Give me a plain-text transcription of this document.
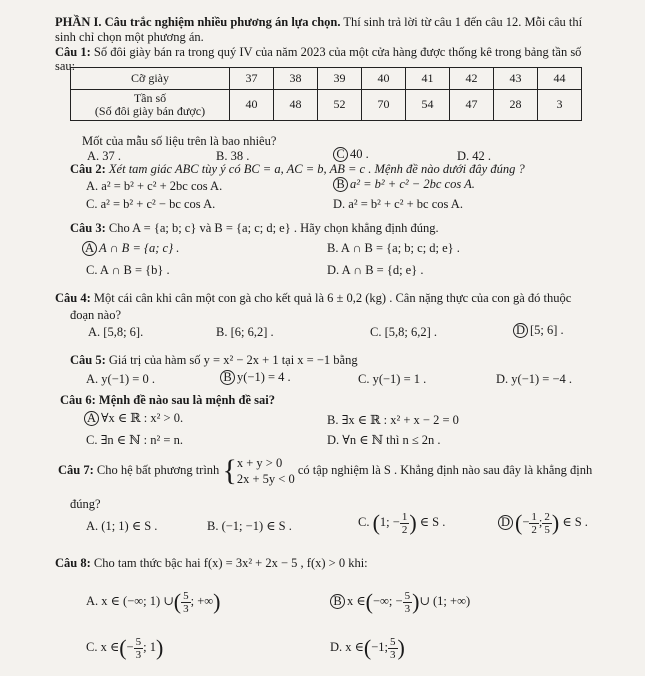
PHẦN I. Câu trắc nghiệm nhiều phương án lựa chọn. Thí sinh trả lời từ câu 1 đến câu 12. Mỗi câu thí
sinh chỉ chọn một phương án.
Câu 1: Số đôi giày bán ra trong quý IV của năm 2023 của một cửa hàng được thống kê trong bảng tần số
sau:
Cỡ giày	37	38	39	40	41	42	43	44

Tần số
(Số đôi giày bán được)	40	48	52	70	54	47	28	3
Mốt của mẫu số liệu trên là bao nhiêu?
A. 37 .	B. 38 .	C 40 .	D. 42 .
Câu 2: Xét tam giác ABC tùy ý có BC = a, AC = b, AB = c . Mệnh đề nào dưới đây đúng ?
A. a² = b² + c² + 2bc cos A.	B a² = b² + c² − 2bc cos A.
C. a² = b² + c² − bc cos A.	D. a² = b² + c² + bc cos A.
Câu 3: Cho A = {a; b; c} và B = {a; c; d; e} . Hãy chọn khẳng định đúng.
A A ∩ B = {a; c} .	B. A ∩ B = {a; b; c; d; e} .
C. A ∩ B = {b} .	D. A ∩ B = {d; e} .
Câu 4: Một cái cân khi cân một con gà cho kết quả là 6 ± 0,2 (kg) . Cân nặng thực của con gà đó thuộc
đoạn nào?
A. [5,8; 6].	B. [6; 6,2] .	C. [5,8; 6,2] .	D [5; 6] .
Câu 5: Giá trị của hàm số y = x² − 2x + 1 tại x = −1 bằng
A. y(−1) = 0 .	B y(−1) = 4 .	C. y(−1) = 1 .	D. y(−1) = −4 .
Câu 6: Mệnh đề nào sau là mệnh đề sai?
A ∀x ∈ ℝ : x² > 0.	B. ∃x ∈ ℝ : x² + x − 2 = 0
C. ∃n ∈ ℕ : n² = n.	D. ∀n ∈ ℕ thì n ≤ 2n .
Câu 7: Cho hệ bất phương trình { x + y > 0
2x + 5y < 0
có tập nghiệm là S . Khẳng định nào sau đây là khẳng định
đúng?
A. (1; 1) ∈ S .	B. (−1; −1) ∈ S .	C. (1; − $\frac{1}{2}$ ) ∈ S .	D (− $\frac{1}{2}$ ; $\frac{2}{5}$ ) ∈ S .
Câu 8: Cho tam thức bậc hai f(x) = 3x² + 2x − 5 , f(x) > 0 khi:
A. x ∈ (−∞; 1) ∪( $\frac{5}{3}$ ; +∞)	B x ∈(−∞; − $\frac{5}{3}$ )∪ (1; +∞)
C. x ∈(− $\frac{5}{3}$ ; 1)	D. x ∈(−1; $\frac{5}{3}$ )
